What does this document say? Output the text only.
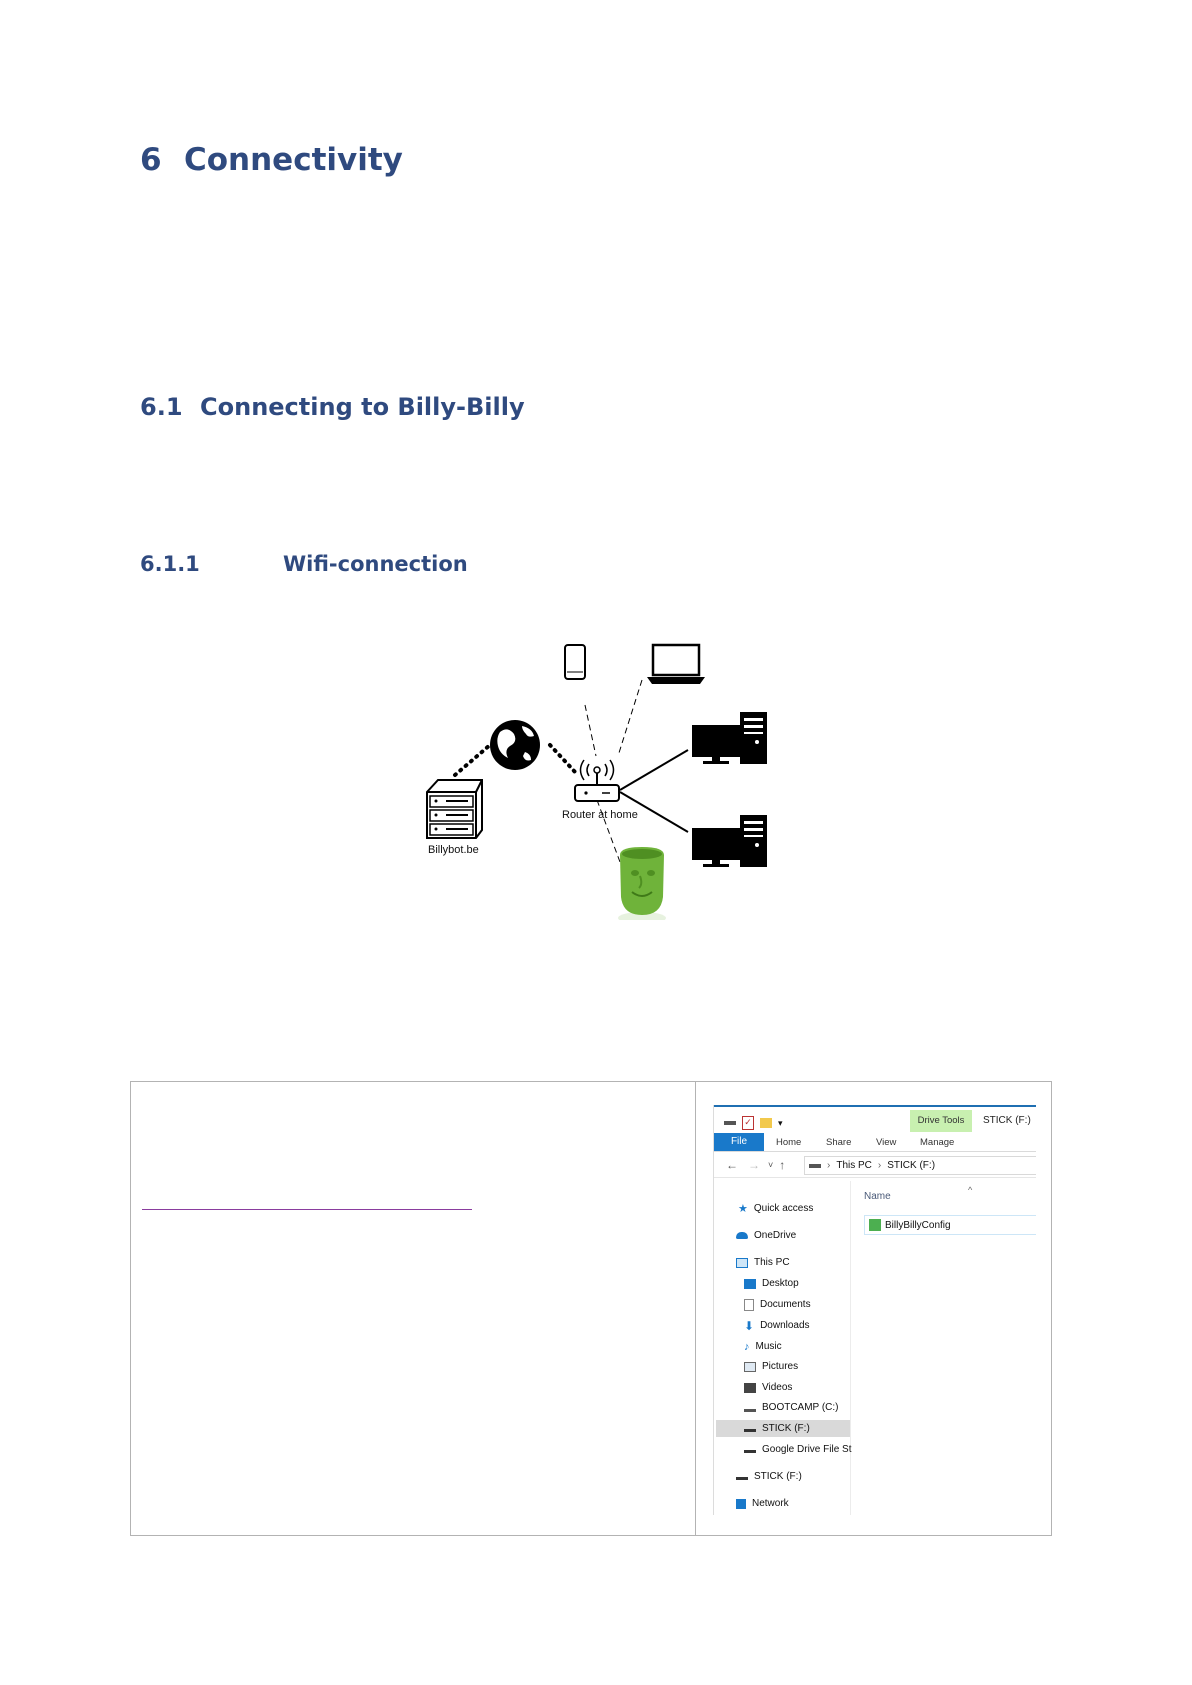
6 Connectivity
6.1 Connecting to Billy-Billy
6.1.1	Wifi-connection
Billybot.be
Router at home
✓	▾	Drive Tools	STICK (F:)
File	Home	Share	View Manage
← → ˅ ↑	› This PC › STICK (F:)
★ Quick access
OneDrive
This PC
Desktop
Documents
⬇ Downloads
♪ Music
Pictures
Videos
BOOTCAMP (C:)
STICK (F:)
Google Drive File St
STICK (F:)
Network
^
Name
BillyBillyConfig
